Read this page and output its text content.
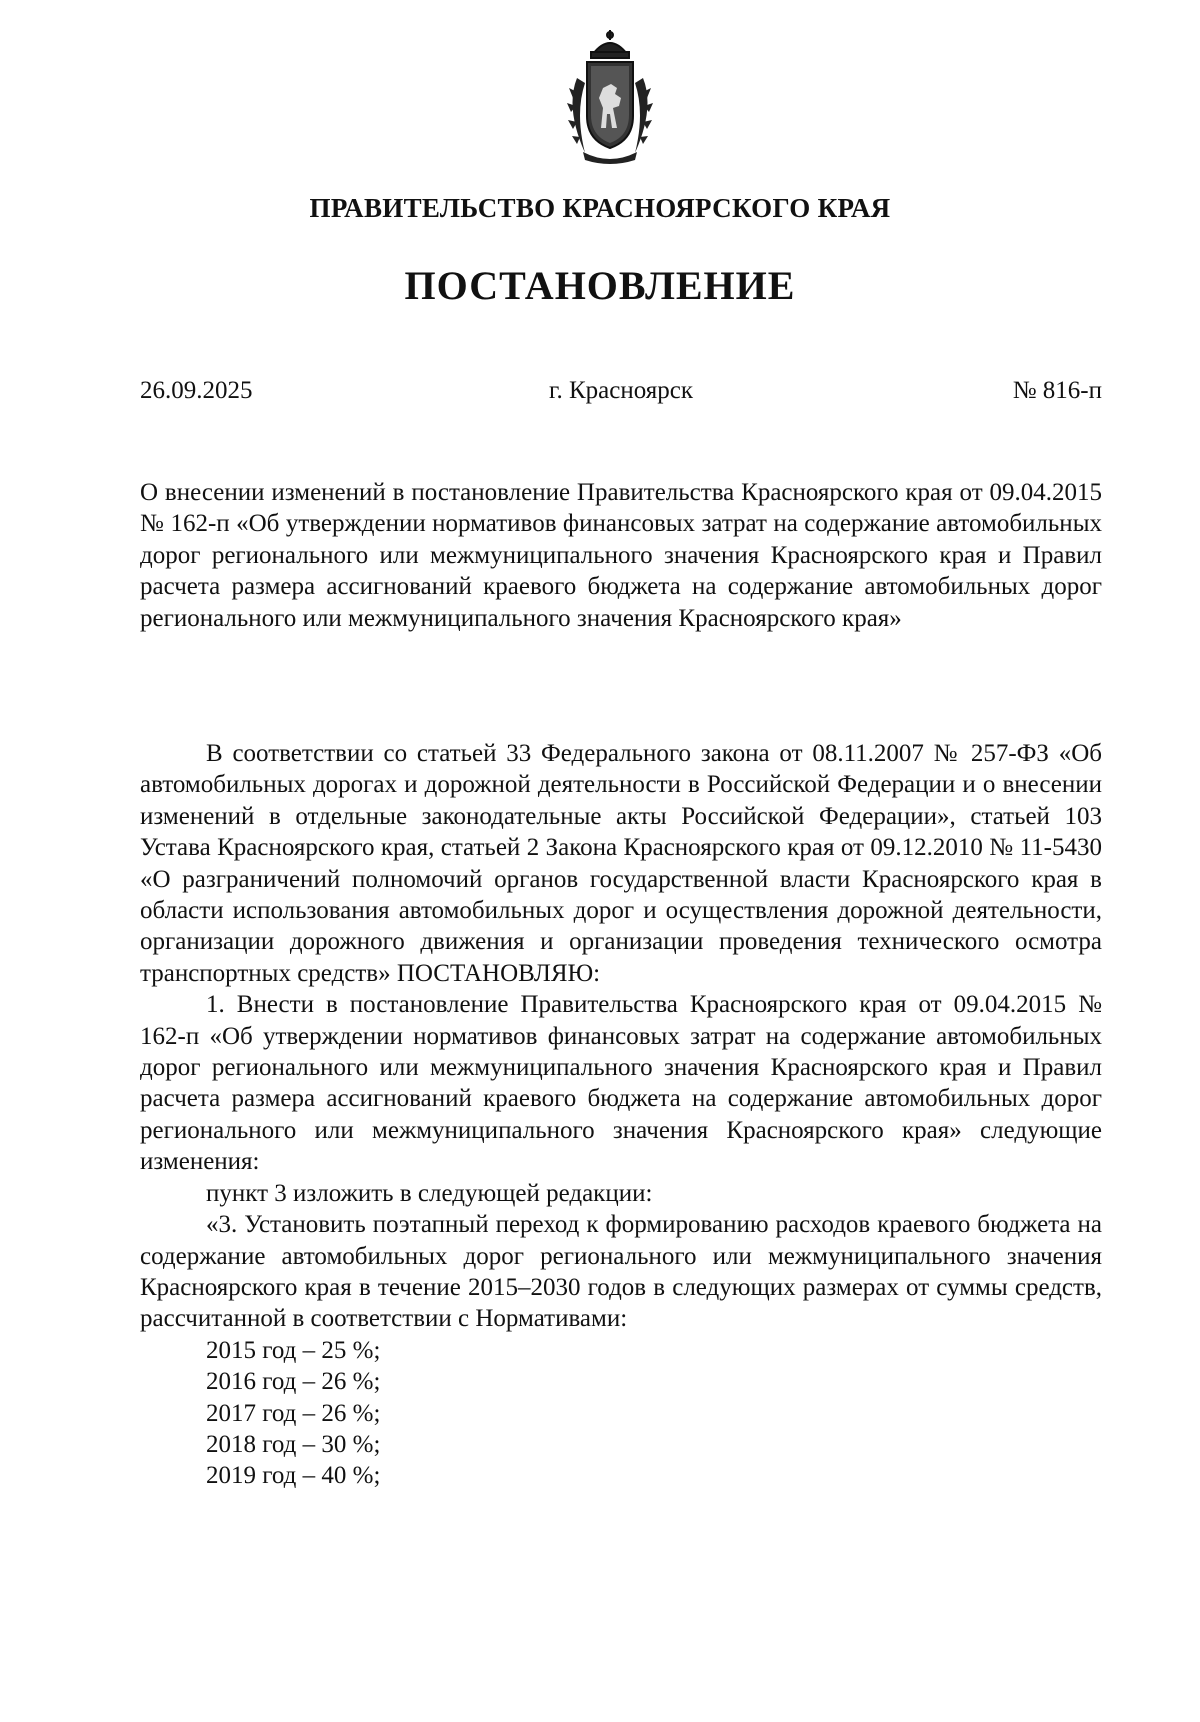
ПРАВИТЕЛЬСТВО КРАСНОЯРСКОГО КРАЯ
ПОСТАНОВЛЕНИЕ
г. Красноярск
26.09.2025	№ 816-п

О внесении изменений в постановление Правительства Красноярского края от 09.04.2015 № 162-п «Об утверждении нормативов финансовых затрат на содержание автомобильных дорог регионального или межмуниципального значения Красноярского края и Правил расчета размера ассигнований краевого бюджета на содержание автомобильных дорог регионального или межмуниципального значения Красноярского края»

В соответствии со статьей 33 Федерального закона от 08.11.2007 № 257-ФЗ «Об автомобильных дорогах и дорожной деятельности в Российской Федерации и о внесении изменений в отдельные законодательные акты Российской Федерации», статьей 103 Устава Красноярского края, статьей 2 Закона Красноярского края от 09.12.2010 № 11-5430 «О разграничений полномочий органов государственной власти Красноярского края в области использования автомобильных дорог и осуществления дорожной деятельности, организации дорожного движения и организации проведения технического осмотра транспортных средств» ПОСТАНОВЛЯЮ:

1. Внести в постановление Правительства Красноярского края от 09.04.2015 № 162-п «Об утверждении нормативов финансовых затрат на содержание автомобильных дорог регионального или межмуниципального значения Красноярского края и Правил расчета размера ассигнований краевого бюджета на содержание автомобильных дорог регионального или межмуниципального значения Красноярского края» следующие изменения:

пункт 3 изложить в следующей редакции:

«3. Установить поэтапный переход к формированию расходов краевого бюджета на содержание автомобильных дорог регионального или межмуниципального значения Красноярского края в течение 2015–2030 годов в следующих размерах от суммы средств, рассчитанной в соответствии с Нормативами:

2015 год – 25 %;

2016 год – 26 %;

2017 год – 26 %;

2018 год – 30 %;

2019 год – 40 %;
